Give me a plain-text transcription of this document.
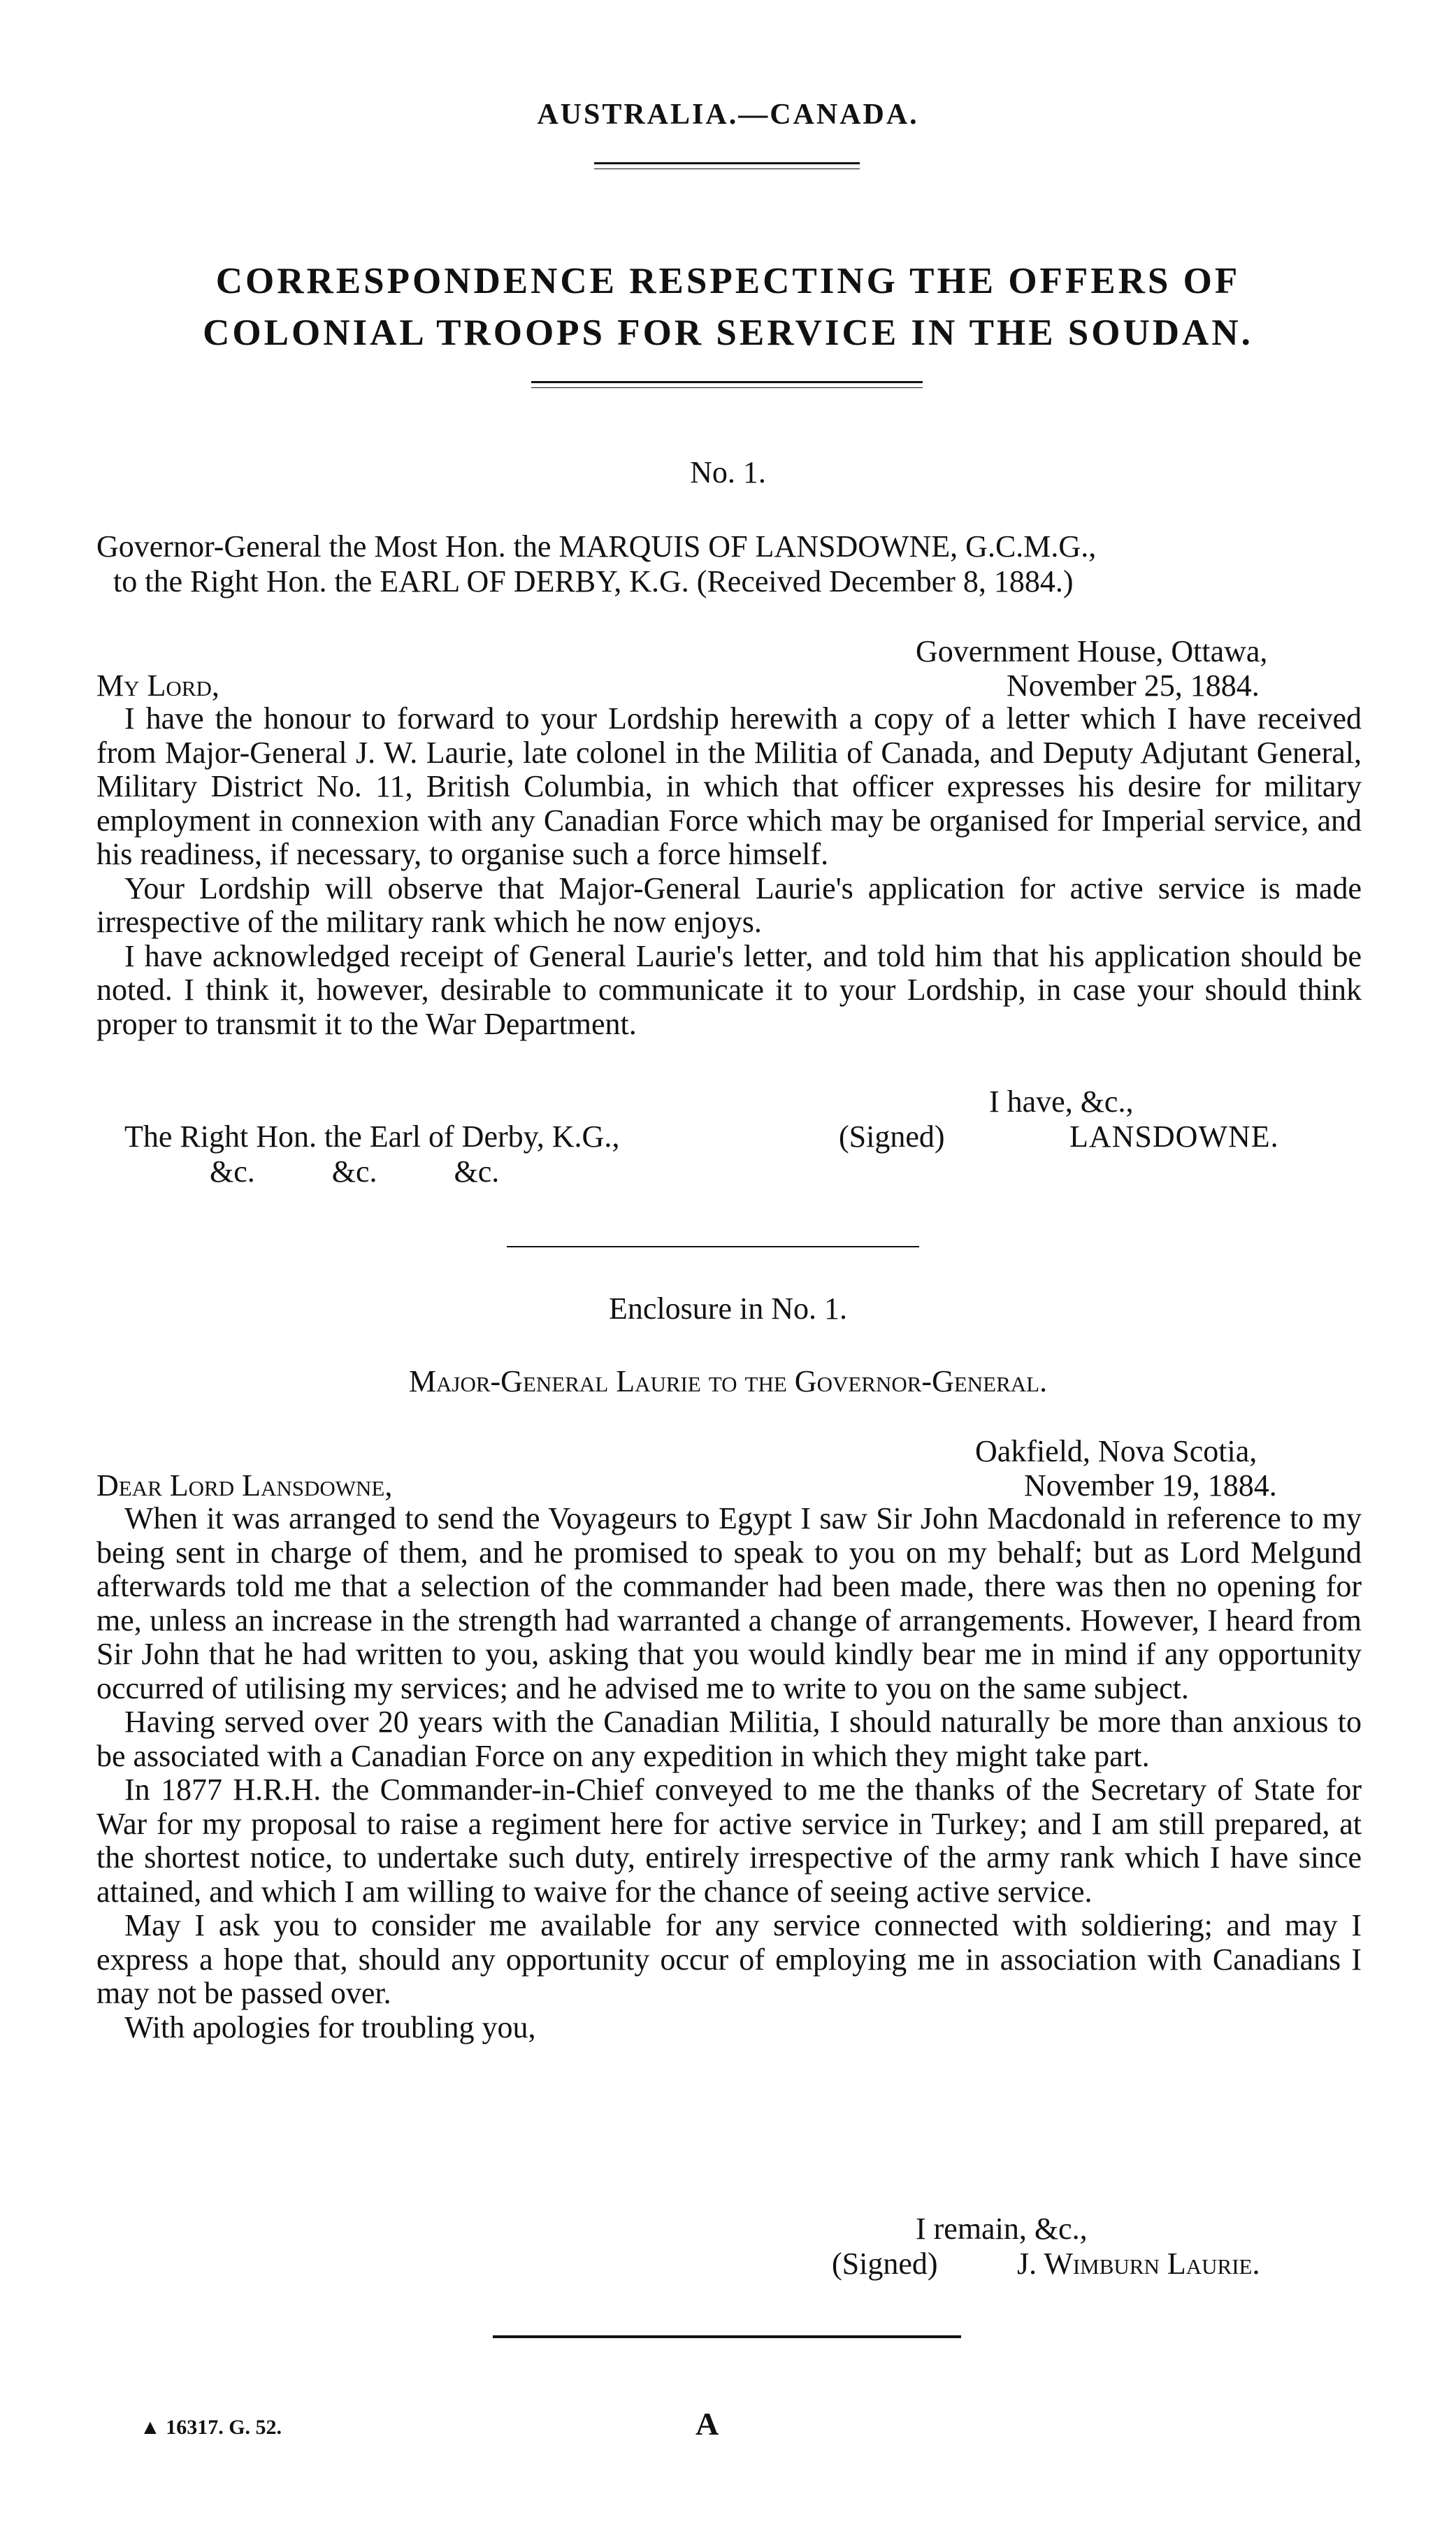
AUSTRALIA.—CANADA.
CORRESPONDENCE RESPECTING THE OFFERS OF
COLONIAL TROOPS FOR SERVICE IN THE SOUDAN.
No. 1.
Governor-General the Most Hon. the MARQUIS OF LANSDOWNE, G.C.M.G.,
to the Right Hon. the EARL OF DERBY, K.G. (Received December 8, 1884.)
Government House, Ottawa,
My Lord,	November 25, 1884.

I have the honour to forward to your Lordship herewith a copy of a letter which I have received from Major-General J. W. Laurie, late colonel in the Militia of Canada, and Deputy Adjutant General, Military District No. 11, British Columbia, in which that officer expresses his desire for military employment in connexion with any Canadian Force which may be organised for Imperial service, and his readiness, if necessary, to organise such a force himself.

Your Lordship will observe that Major-General Laurie's application for active service is made irrespective of the military rank which he now enjoys.

I have acknowledged receipt of General Laurie's letter, and told him that his application should be noted. I think it, however, desirable to communicate it to your Lordship, in case your should think proper to transmit it to the War Department.

I have, &c.,
The Right Hon. the Earl of Derby, K.G.,	(Signed)	LANSDOWNE.
&c.          &c.          &c.
Enclosure in No. 1.
Major-General Laurie to the Governor-General.
Oakfield, Nova Scotia,
Dear Lord Lansdowne,	November 19, 1884.

When it was arranged to send the Voyageurs to Egypt I saw Sir John Macdonald in reference to my being sent in charge of them, and he promised to speak to you on my behalf; but as Lord Melgund afterwards told me that a selection of the commander had been made, there was then no opening for me, unless an increase in the strength had warranted a change of arrangements. However, I heard from Sir John that he had written to you, asking that you would kindly bear me in mind if any opportunity occurred of utilising my services; and he advised me to write to you on the same subject.

Having served over 20 years with the Canadian Militia, I should naturally be more than anxious to be associated with a Canadian Force on any expedition in which they might take part.

In 1877 H.R.H. the Commander-in-Chief conveyed to me the thanks of the Secretary of State for War for my proposal to raise a regiment here for active service in Turkey; and I am still prepared, at the shortest notice, to undertake such duty, entirely irrespective of the army rank which I have since attained, and which I am willing to waive for the chance of seeing active service.

May I ask you to consider me available for any service connected with soldiering; and may I express a hope that, should any opportunity occur of employing me in association with Canadians I may not be passed over.

With apologies for troubling you,

I remain, &c.,
(Signed)	J. Wimburn Laurie.
▲ 16317. G. 52.	A
